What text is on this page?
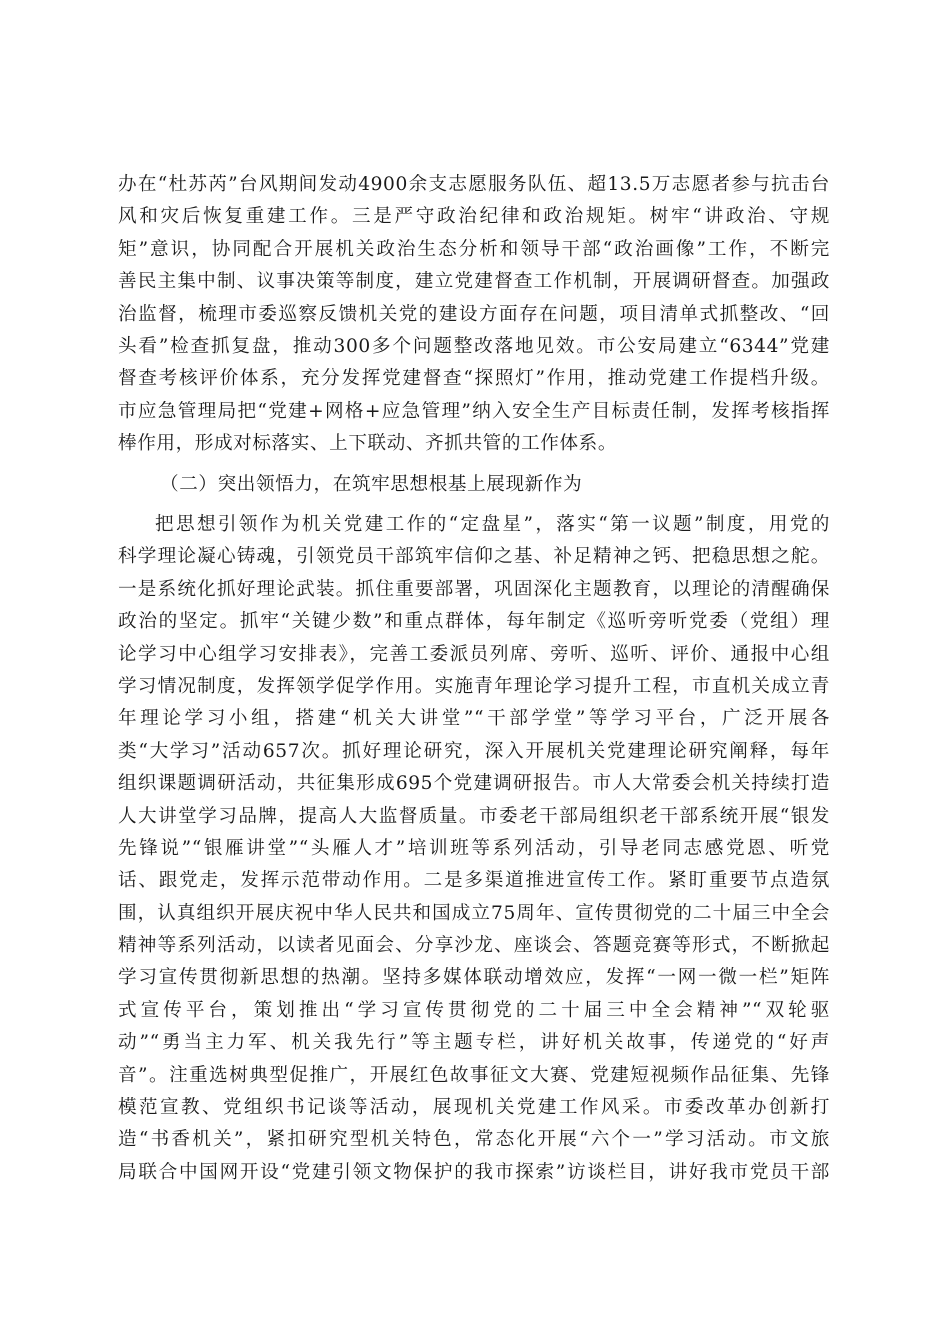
办在“杜苏芮”台风期间发动4900余支志愿服务队伍、超13.5万志愿者参与抗击台
风和灾后恢复重建工作。三是严守政治纪律和政治规矩。树牢“讲政治、守规
矩”意识，协同配合开展机关政治生态分析和领导干部“政治画像”工作，不断完
善民主集中制、议事决策等制度，建立党建督查工作机制，开展调研督查。加强政
治监督，梳理市委巡察反馈机关党的建设方面存在问题，项目清单式抓整改、“回
头看”检查抓复盘，推动300多个问题整改落地见效。市公安局建立“6344”党建
督查考核评价体系，充分发挥党建督查“探照灯”作用，推动党建工作提档升级。
市应急管理局把“党建+网格+应急管理”纳入安全生产目标责任制，发挥考核指挥
棒作用，形成对标落实、上下联动、齐抓共管的工作体系。
（二）突出领悟力，在筑牢思想根基上展现新作为
把思想引领作为机关党建工作的“定盘星”，落实“第一议题”制度，用党的
科学理论凝心铸魂，引领党员干部筑牢信仰之基、补足精神之钙、把稳思想之舵。
一是系统化抓好理论武装。抓住重要部署，巩固深化主题教育，以理论的清醒确保
政治的坚定。抓牢“关键少数”和重点群体，每年制定《巡听旁听党委（党组）理
论学习中心组学习安排表》，完善工委派员列席、旁听、巡听、评价、通报中心组
学习情况制度，发挥领学促学作用。实施青年理论学习提升工程，市直机关成立青
年理论学习小组，搭建“机关大讲堂”“干部学堂”等学习平台，广泛开展各
类“大学习”活动657次。抓好理论研究，深入开展机关党建理论研究阐释，每年
组织课题调研活动，共征集形成695个党建调研报告。市人大常委会机关持续打造
人大讲堂学习品牌，提高人大监督质量。市委老干部局组织老干部系统开展“银发
先锋说”“银雁讲堂”“头雁人才”培训班等系列活动，引导老同志感党恩、听党
话、跟党走，发挥示范带动作用。二是多渠道推进宣传工作。紧盯重要节点造氛
围，认真组织开展庆祝中华人民共和国成立75周年、宣传贯彻党的二十届三中全会
精神等系列活动，以读者见面会、分享沙龙、座谈会、答题竞赛等形式，不断掀起
学习宣传贯彻新思想的热潮。坚持多媒体联动增效应，发挥“一网一微一栏”矩阵
式宣传平台，策划推出“学习宣传贯彻党的二十届三中全会精神”“双轮驱
动”“勇当主力军、机关我先行”等主题专栏，讲好机关故事，传递党的“好声
音”。注重选树典型促推广，开展红色故事征文大赛、党建短视频作品征集、先锋
模范宣教、党组织书记谈等活动，展现机关党建工作风采。市委改革办创新打
造“书香机关”，紧扣研究型机关特色，常态化开展“六个一”学习活动。市文旅
局联合中国网开设“党建引领文物保护的我市探索”访谈栏目，讲好我市党员干部
